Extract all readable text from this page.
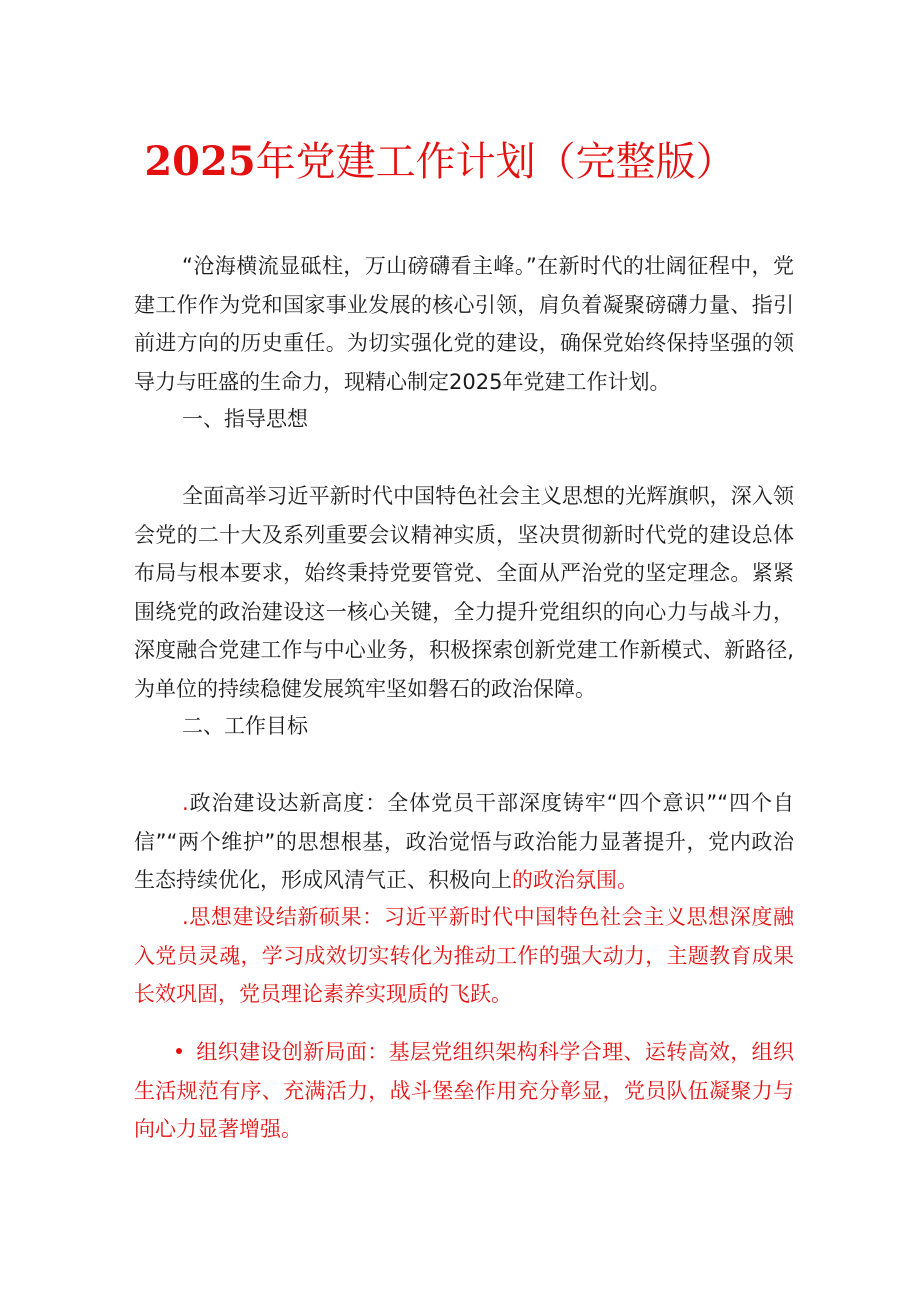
2025年党建工作计划（完整版）

“沧海横流显砥柱，万山磅礴看主峰。”在新时代的壮阔征程中，党建工作作为党和国家事业发展的核心引领，肩负着凝聚磅礴力量、指引前进方向的历史重任。为切实强化党的建设，确保党始终保持坚强的领导力与旺盛的生命力，现精心制定2025年党建工作计划。

一、指导思想

全面高举习近平新时代中国特色社会主义思想的光辉旗帜，深入领会党的二十大及系列重要会议精神实质，坚决贯彻新时代党的建设总体布局与根本要求，始终秉持党要管党、全面从严治党的坚定理念。紧紧围绕党的政治建设这一核心关键，全力提升党组织的向心力与战斗力，深度融合党建工作与中心业务，积极探索创新党建工作新模式、新路径,为单位的持续稳健发展筑牢坚如磐石的政治保障。

二、工作目标

.政治建设达新高度：全体党员干部深度铸牢“四个意识”“四个自信”“两个维护”的思想根基，政治觉悟与政治能力显著提升，党内政治生态持续优化，形成风清气正、积极向上的政治氛围。

.思想建设结新硕果：习近平新时代中国特色社会主义思想深度融入党员灵魂，学习成效切实转化为推动工作的强大动力，主题教育成果长效巩固，党员理论素养实现质的飞跃。

组织建设创新局面：基层党组织架构科学合理、运转高效，组织生活规范有序、充满活力，战斗堡垒作用充分彰显，党员队伍凝聚力与向心力显著增强。
